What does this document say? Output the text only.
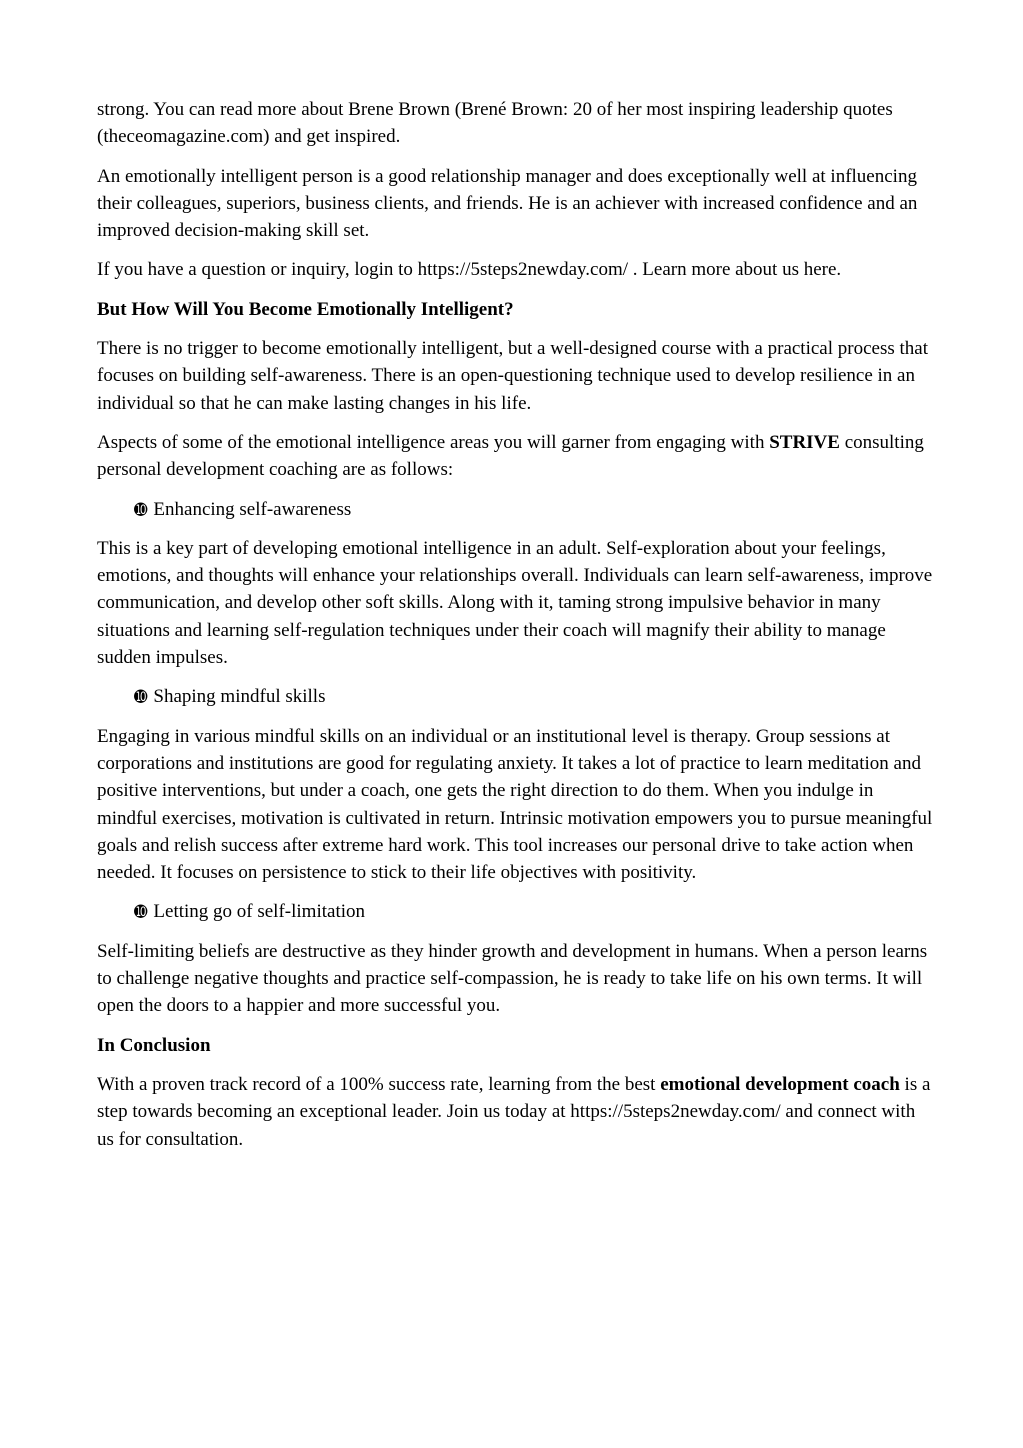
strong. You can read more about Brene Brown (Brené Brown: 20 of her most inspiring leadership quotes (theceomagazine.com) and get inspired.

An emotionally intelligent person is a good relationship manager and does exceptionally well at influencing their colleagues, superiors, business clients, and friends. He is an achiever with increased confidence and an improved decision-making skill set.

If you have a question or inquiry, login to https://5steps2newday.com/ . Learn more about us here.

But How Will You Become Emotionally Intelligent?

There is no trigger to become emotionally intelligent, but a well-designed course with a practical process that focuses on building self-awareness. There is an open-questioning technique used to develop resilience in an individual so that he can make lasting changes in his life.

Aspects of some of the emotional intelligence areas you will garner from engaging with STRIVE consulting personal development coaching are as follows:

➓ Enhancing self-awareness

This is a key part of developing emotional intelligence in an adult. Self-exploration about your feelings, emotions, and thoughts will enhance your relationships overall. Individuals can learn self-awareness, improve communication, and develop other soft skills. Along with it, taming strong impulsive behavior in many situations and learning self-regulation techniques under their coach will magnify their ability to manage sudden impulses.

➓ Shaping mindful skills

Engaging in various mindful skills on an individual or an institutional level is therapy. Group sessions at corporations and institutions are good for regulating anxiety. It takes a lot of practice to learn meditation and positive interventions, but under a coach, one gets the right direction to do them. When you indulge in mindful exercises, motivation is cultivated in return. Intrinsic motivation empowers you to pursue meaningful goals and relish success after extreme hard work. This tool increases our personal drive to take action when needed. It focuses on persistence to stick to their life objectives with positivity.

➓ Letting go of self-limitation

Self-limiting beliefs are destructive as they hinder growth and development in humans. When a person learns to challenge negative thoughts and practice self-compassion, he is ready to take life on his own terms. It will open the doors to a happier and more successful you.

In Conclusion

With a proven track record of a 100% success rate, learning from the best emotional development coach is a step towards becoming an exceptional leader. Join us today at https://5steps2newday.com/ and connect with us for consultation.
